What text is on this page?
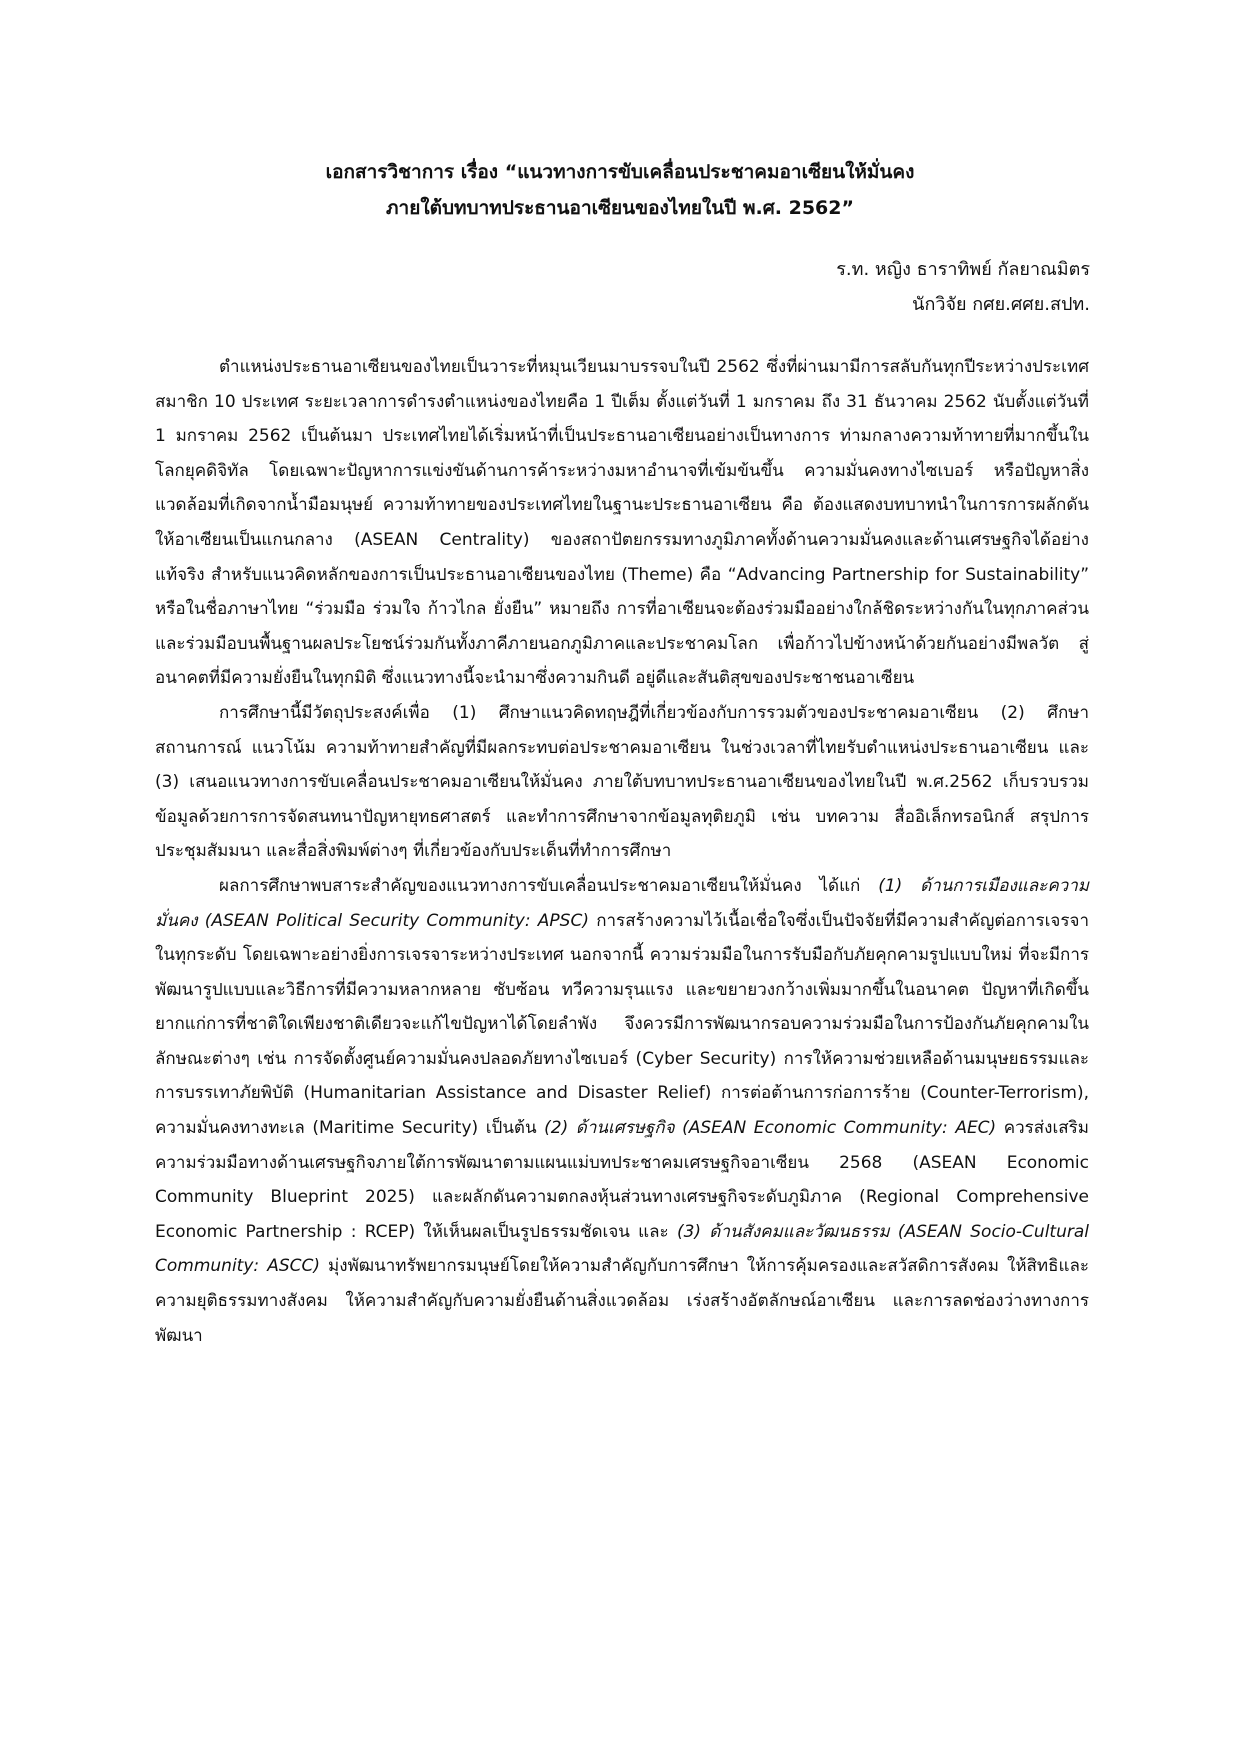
เอกสารวิชาการ เรื่อง “แนวทางการขับเคลื่อนประชาคมอาเซียนให้มั่นคง
ภายใต้บทบาทประธานอาเซียนของไทยในปี พ.ศ. 2562”
ร.ท. หญิง ธาราทิพย์ กัลยาณมิตร
นักวิจัย กศย.ศศย.สปท.

ตำแหน่งประธานอาเซียนของไทยเป็นวาระที่หมุนเวียนมาบรรจบในปี 2562 ซึ่งที่ผ่านมามีการสลับกันทุกปีระหว่างประเทศสมาชิก 10 ประเทศ ระยะเวลาการดำรงตำแหน่งของไทยคือ 1 ปีเต็ม ตั้งแต่วันที่ 1 มกราคม ถึง 31 ธันวาคม 2562 นับตั้งแต่วันที่ 1 มกราคม 2562 เป็นต้นมา ประเทศไทยได้เริ่มหน้าที่เป็นประธานอาเซียนอย่างเป็นทางการ ท่ามกลางความท้าทายที่มากขึ้นในโลกยุคดิจิทัล โดยเฉพาะปัญหาการแข่งขันด้านการค้าระหว่างมหาอำนาจที่เข้มข้นขึ้น ความมั่นคงทางไซเบอร์ หรือปัญหาสิ่งแวดล้อมที่เกิดจากน้ำมือมนุษย์ ความท้าทายของประเทศไทยในฐานะประธานอาเซียน คือ ต้องแสดงบทบาทนำในการการผลักดันให้อาเซียนเป็นแกนกลาง (ASEAN Centrality) ของสถาปัตยกรรมทางภูมิภาคทั้งด้านความมั่นคงและด้านเศรษฐกิจได้อย่างแท้จริง สำหรับแนวคิดหลักของการเป็นประธานอาเซียนของไทย (Theme) คือ “Advancing Partnership for Sustainability” หรือในชื่อภาษาไทย “ร่วมมือ ร่วมใจ ก้าวไกล ยั่งยืน” หมายถึง การที่อาเซียนจะต้องร่วมมืออย่างใกล้ชิดระหว่างกันในทุกภาคส่วน และร่วมมือบนพื้นฐานผลประโยชน์ร่วมกันทั้งภาคีภายนอกภูมิภาคและประชาคมโลก เพื่อก้าวไปข้างหน้าด้วยกันอย่างมีพลวัต สู่อนาคตที่มีความยั่งยืนในทุกมิติ ซึ่งแนวทางนี้จะนำมาซึ่งความกินดี อยู่ดีและสันติสุขของประชาชนอาเซียน

การศึกษานี้มีวัตถุประสงค์เพื่อ (1) ศึกษาแนวคิดทฤษฎีที่เกี่ยวข้องกับการรวมตัวของประชาคมอาเซียน (2) ศึกษาสถานการณ์ แนวโน้ม ความท้าทายสำคัญที่มีผลกระทบต่อประชาคมอาเซียน ในช่วงเวลาที่ไทยรับตำแหน่งประธานอาเซียน และ (3) เสนอแนวทางการขับเคลื่อนประชาคมอาเซียนให้มั่นคง ภายใต้บทบาทประธานอาเซียนของไทยในปี พ.ศ.2562 เก็บรวบรวมข้อมูลด้วยการการจัดสนทนาปัญหายุทธศาสตร์ และทำการศึกษาจากข้อมูลทุติยภูมิ เช่น บทความ สื่ออิเล็กทรอนิกส์ สรุปการประชุมสัมมนา และสื่อสิ่งพิมพ์ต่างๆ ที่เกี่ยวข้องกับประเด็นที่ทำการศึกษา

ผลการศึกษาพบสาระสำคัญของแนวทางการขับเคลื่อนประชาคมอาเซียนให้มั่นคง ได้แก่ (1) ด้านการเมืองและความมั่นคง (ASEAN Political Security Community: APSC) การสร้างความไว้เนื้อเชื่อใจซึ่งเป็นปัจจัยที่มีความสำคัญต่อการเจรจาในทุกระดับ โดยเฉพาะอย่างยิ่งการเจรจาระหว่างประเทศ นอกจากนี้ ความร่วมมือในการรับมือกับภัยคุกคามรูปแบบใหม่ ที่จะมีการพัฒนารูปแบบและวิธีการที่มีความหลากหลาย ซับซ้อน ทวีความรุนแรง และขยายวงกว้างเพิ่มมากขึ้นในอนาคต ปัญหาที่เกิดขึ้นยากแก่การที่ชาติใดเพียงชาติเดียวจะแก้ไขปัญหาได้โดยลำพัง จึงควรมีการพัฒนากรอบความร่วมมือในการป้องกันภัยคุกคามในลักษณะต่างๆ เช่น การจัดตั้งศูนย์ความมั่นคงปลอดภัยทางไซเบอร์ (Cyber Security) การให้ความช่วยเหลือด้านมนุษยธรรมและการบรรเทาภัยพิบัติ (Humanitarian Assistance and Disaster Relief) การต่อต้านการก่อการร้าย (Counter-Terrorism), ความมั่นคงทางทะเล (Maritime Security) เป็นต้น (2) ด้านเศรษฐกิจ (ASEAN Economic Community: AEC) ควรส่งเสริมความร่วมมือทางด้านเศรษฐกิจภายใต้การพัฒนาตามแผนแม่บทประชาคมเศรษฐกิจอาเซียน 2568 (ASEAN Economic Community Blueprint 2025) และผลักดันความตกลงหุ้นส่วนทางเศรษฐกิจระดับภูมิภาค (Regional Comprehensive Economic Partnership : RCEP) ให้เห็นผลเป็นรูปธรรมชัดเจน และ (3) ด้านสังคมและวัฒนธรรม (ASEAN Socio-Cultural Community: ASCC) มุ่งพัฒนาทรัพยากรมนุษย์โดยให้ความสำคัญกับการศึกษา ให้การคุ้มครองและสวัสดิการสังคม ให้สิทธิและความยุติธรรมทางสังคม ให้ความสำคัญกับความยั่งยืนด้านสิ่งแวดล้อม เร่งสร้างอัตลักษณ์อาเซียน และการลดช่องว่างทางการพัฒนา
